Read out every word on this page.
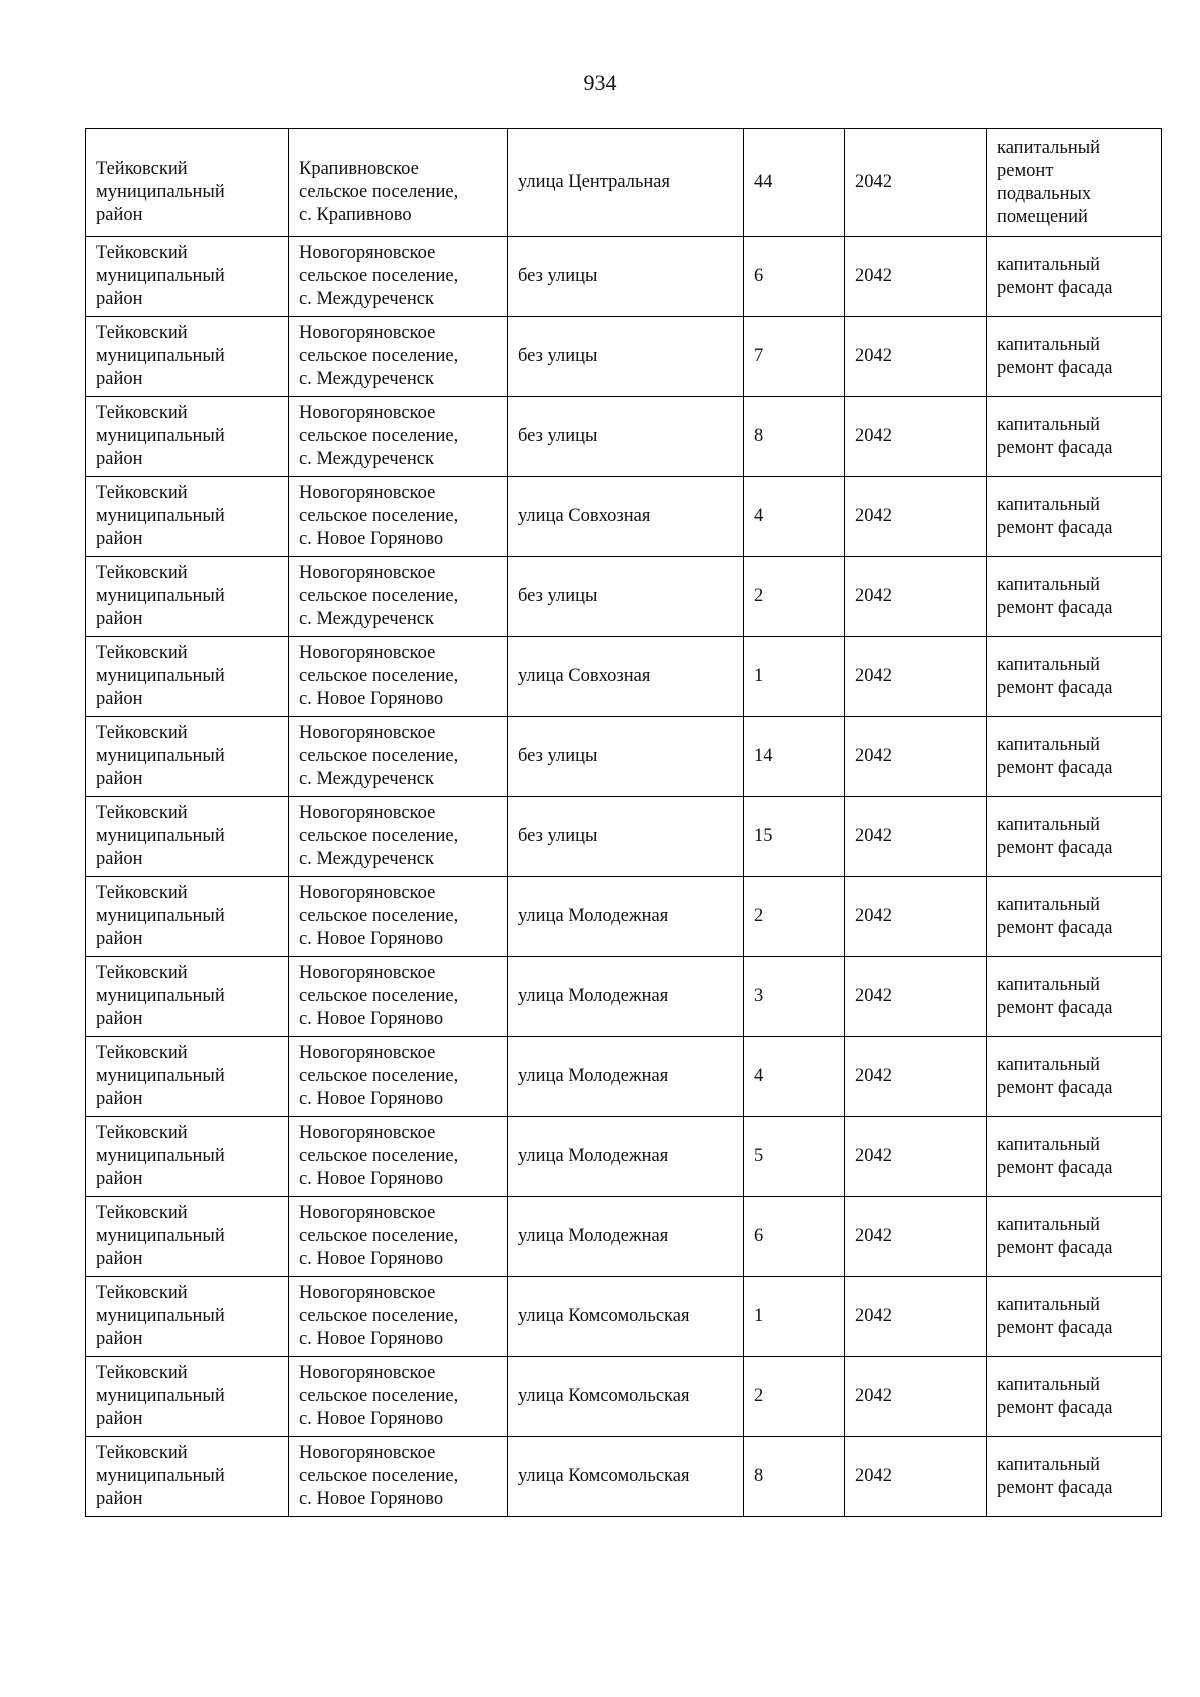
934
Тейковский
муниципальный
район	Крапивновское
сельское поселение,
с. Крапивново	улица Центральная	44	2042	капитальный
ремонт
подвальных
помещений

Тейковский
муниципальный
район	Новогоряновское
сельское поселение,
с. Междуреченск	без улицы	6	2042	капитальный
ремонт фасада

Тейковский
муниципальный
район	Новогоряновское
сельское поселение,
с. Междуреченск	без улицы	7	2042	капитальный
ремонт фасада

Тейковский
муниципальный
район	Новогоряновское
сельское поселение,
с. Междуреченск	без улицы	8	2042	капитальный
ремонт фасада

Тейковский
муниципальный
район	Новогоряновское
сельское поселение,
с. Новое Горяново	улица Совхозная	4	2042	капитальный
ремонт фасада

Тейковский
муниципальный
район	Новогоряновское
сельское поселение,
с. Междуреченск	без улицы	2	2042	капитальный
ремонт фасада

Тейковский
муниципальный
район	Новогоряновское
сельское поселение,
с. Новое Горяново	улица Совхозная	1	2042	капитальный
ремонт фасада

Тейковский
муниципальный
район	Новогоряновское
сельское поселение,
с. Междуреченск	без улицы	14	2042	капитальный
ремонт фасада

Тейковский
муниципальный
район	Новогоряновское
сельское поселение,
с. Междуреченск	без улицы	15	2042	капитальный
ремонт фасада

Тейковский
муниципальный
район	Новогоряновское
сельское поселение,
с. Новое Горяново	улица Молодежная	2	2042	капитальный
ремонт фасада

Тейковский
муниципальный
район	Новогоряновское
сельское поселение,
с. Новое Горяново	улица Молодежная	3	2042	капитальный
ремонт фасада

Тейковский
муниципальный
район	Новогоряновское
сельское поселение,
с. Новое Горяново	улица Молодежная	4	2042	капитальный
ремонт фасада

Тейковский
муниципальный
район	Новогоряновское
сельское поселение,
с. Новое Горяново	улица Молодежная	5	2042	капитальный
ремонт фасада

Тейковский
муниципальный
район	Новогоряновское
сельское поселение,
с. Новое Горяново	улица Молодежная	6	2042	капитальный
ремонт фасада

Тейковский
муниципальный
район	Новогоряновское
сельское поселение,
с. Новое Горяново	улица Комсомольская	1	2042	капитальный
ремонт фасада

Тейковский
муниципальный
район	Новогоряновское
сельское поселение,
с. Новое Горяново	улица Комсомольская	2	2042	капитальный
ремонт фасада

Тейковский
муниципальный
район	Новогоряновское
сельское поселение,
с. Новое Горяново	улица Комсомольская	8	2042	капитальный
ремонт фасада
